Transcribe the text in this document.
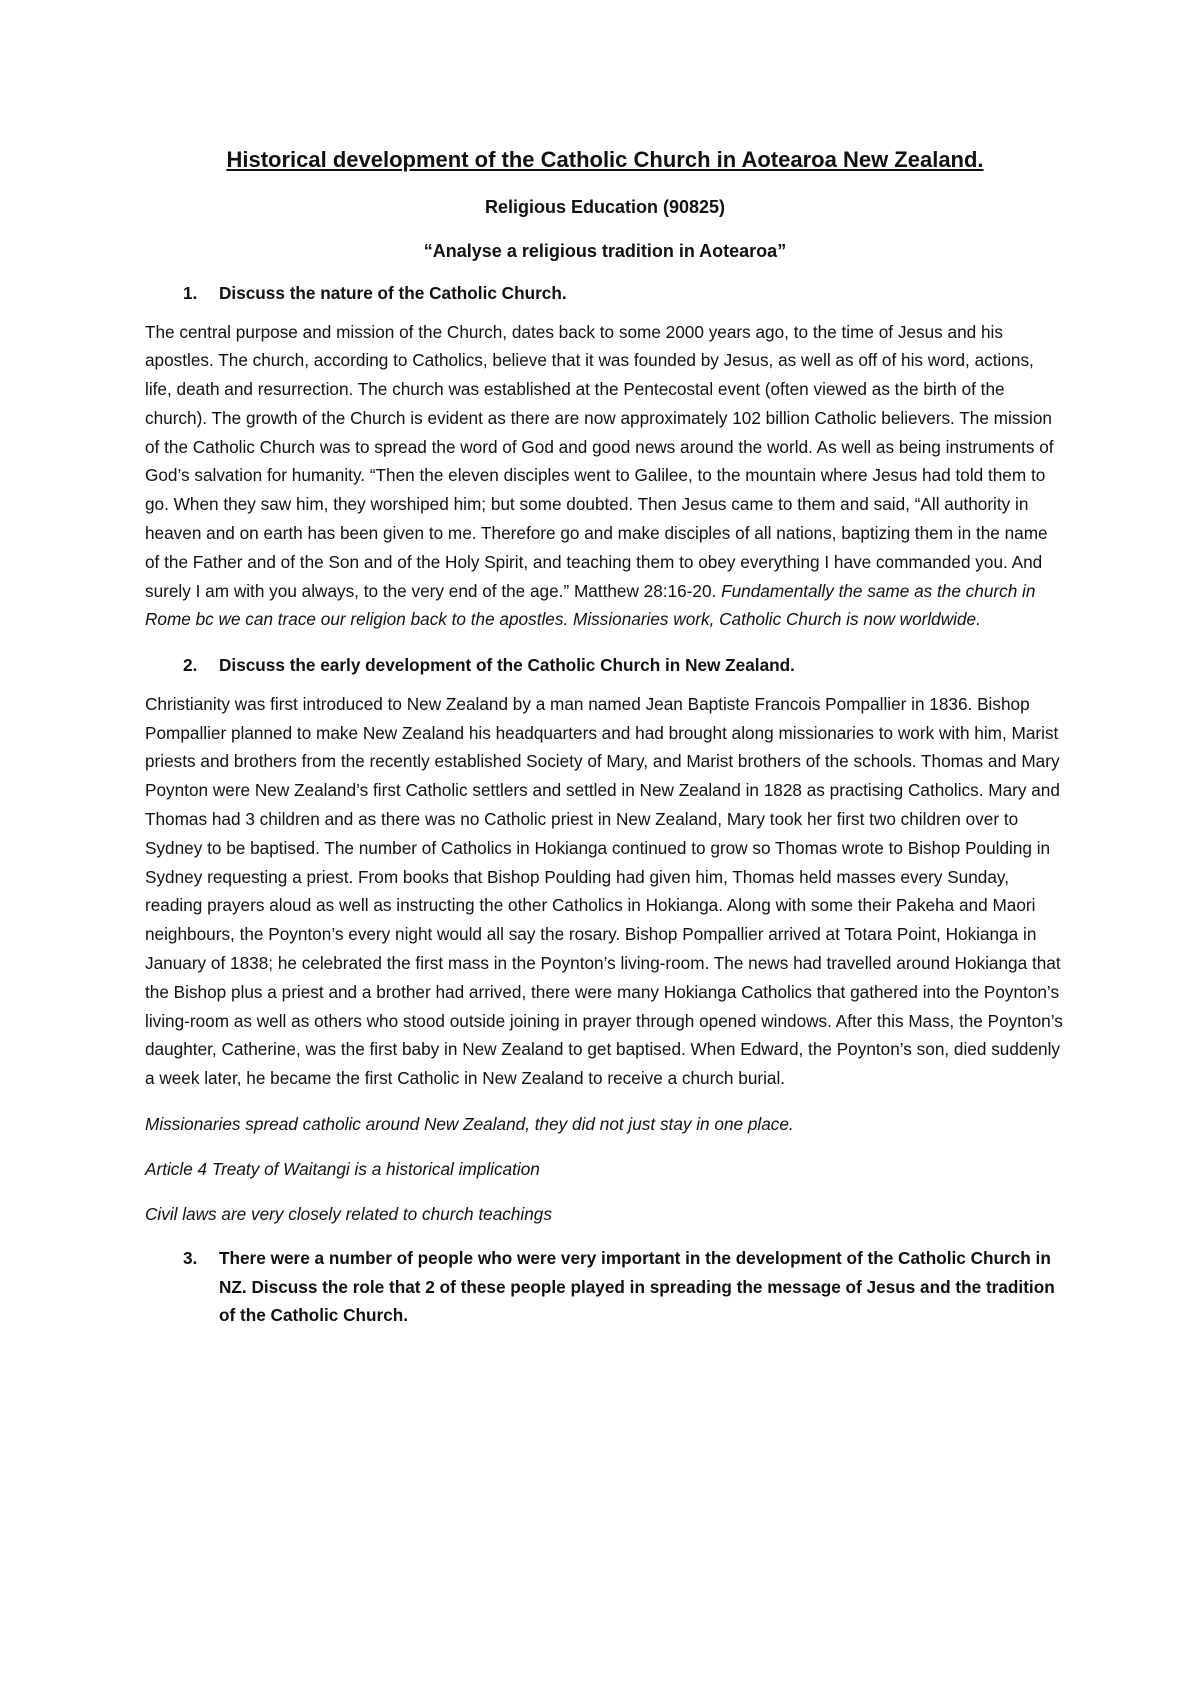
Historical development of the Catholic Church in Aotearoa New Zealand.
Religious Education (90825)
“Analyse a religious tradition in Aotearoa”
1.	Discuss the nature of the Catholic Church.

The central purpose and mission of the Church, dates back to some 2000 years ago, to the time of Jesus and his apostles. The church, according to Catholics, believe that it was founded by Jesus, as well as off of his word, actions, life, death and resurrection. The church was established at the Pentecostal event (often viewed as the birth of the church). The growth of the Church is evident as there are now approximately 102 billion Catholic believers. The mission of the Catholic Church was to spread the word of God and good news around the world. As well as being instruments of God’s salvation for humanity. “Then the eleven disciples went to Galilee, to the mountain where Jesus had told them to go. When they saw him, they worshiped him; but some doubted. Then Jesus came to them and said, “All authority in heaven and on earth has been given to me. Therefore go and make disciples of all nations, baptizing them in the name of the Father and of the Son and of the Holy Spirit, and teaching them to obey everything I have commanded you. And surely I am with you always, to the very end of the age.” Matthew 28:16-20. Fundamentally the same as the church in Rome bc we can trace our religion back to the apostles. Missionaries work, Catholic Church is now worldwide.

2.	Discuss the early development of the Catholic Church in New Zealand.

Christianity was first introduced to New Zealand by a man named Jean Baptiste Francois Pompallier in 1836. Bishop Pompallier planned to make New Zealand his headquarters and had brought along missionaries to work with him, Marist priests and brothers from the recently established Society of Mary, and Marist brothers of the schools. Thomas and Mary Poynton were New Zealand’s first Catholic settlers and settled in New Zealand in 1828 as practising Catholics. Mary and Thomas had 3 children and as there was no Catholic priest in New Zealand, Mary took her first two children over to Sydney to be baptised. The number of Catholics in Hokianga continued to grow so Thomas wrote to Bishop Poulding in Sydney requesting a priest. From books that Bishop Poulding had given him, Thomas held masses every Sunday, reading prayers aloud as well as instructing the other Catholics in Hokianga. Along with some their Pakeha and Maori neighbours, the Poynton’s every night would all say the rosary. Bishop Pompallier arrived at Totara Point, Hokianga in January of 1838; he celebrated the first mass in the Poynton’s living-room. The news had travelled around Hokianga that the Bishop plus a priest and a brother had arrived, there were many Hokianga Catholics that gathered into the Poynton’s living-room as well as others who stood outside joining in prayer through opened windows. After this Mass, the Poynton’s daughter, Catherine, was the first baby in New Zealand to get baptised. When Edward, the Poynton’s son, died suddenly a week later, he became the first Catholic in New Zealand to receive a church burial.

Missionaries spread catholic around New Zealand, they did not just stay in one place.

Article 4 Treaty of Waitangi is a historical implication

Civil laws are very closely related to church teachings

3.	There were a number of people who were very important in the development of the Catholic Church in NZ. Discuss the role that 2 of these people played in spreading the message of Jesus and the tradition of the Catholic Church.
